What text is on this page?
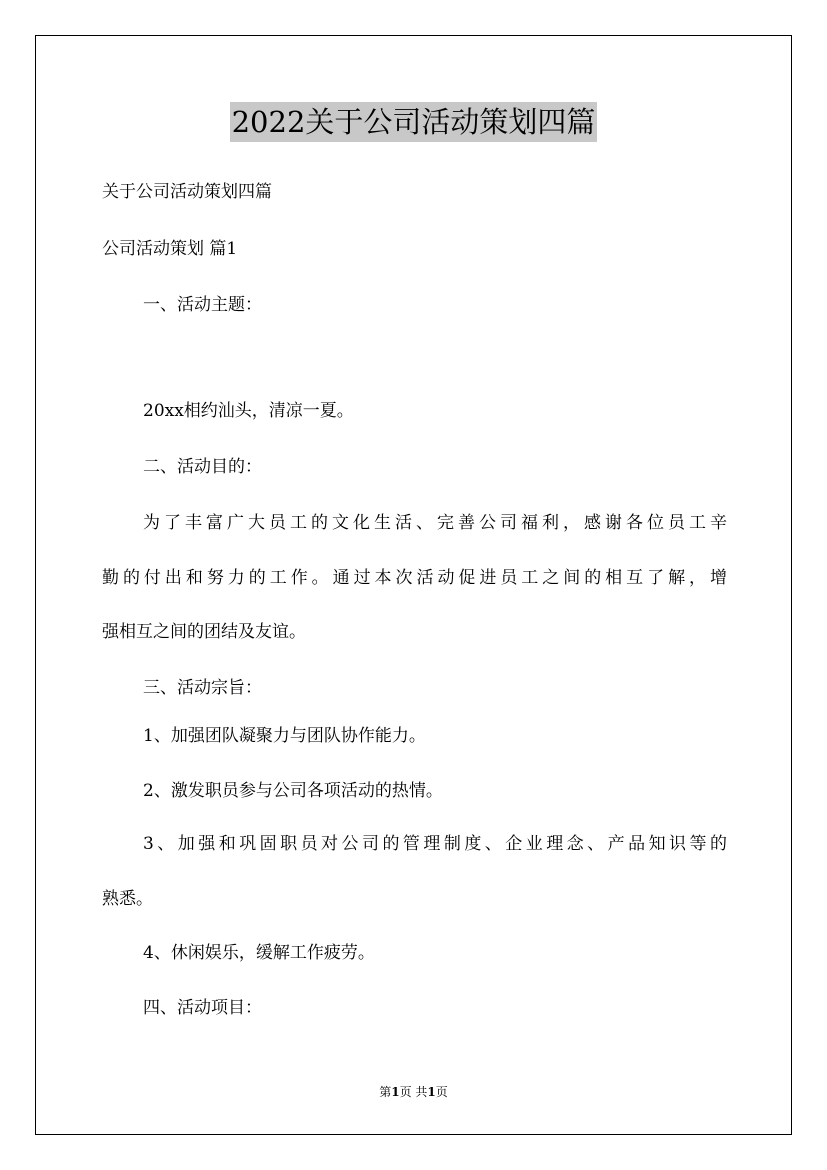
2022关于公司活动策划四篇
关于公司活动策划四篇
公司活动策划 篇1
一、活动主题：
20xx相约汕头，清凉一夏。
二、活动目的：
为了丰富广大员工的文化生活、完善公司福利，感谢各位员工辛
勤的付出和努力的工作。通过本次活动促进员工之间的相互了解，增
强相互之间的团结及友谊。
三、活动宗旨：
1、加强团队凝聚力与团队协作能力。
2、激发职员参与公司各项活动的热情。
3、加强和巩固职员对公司的管理制度、企业理念、产品知识等的
熟悉。
4、休闲娱乐，缓解工作疲劳。
四、活动项目：
第1页 共1页
